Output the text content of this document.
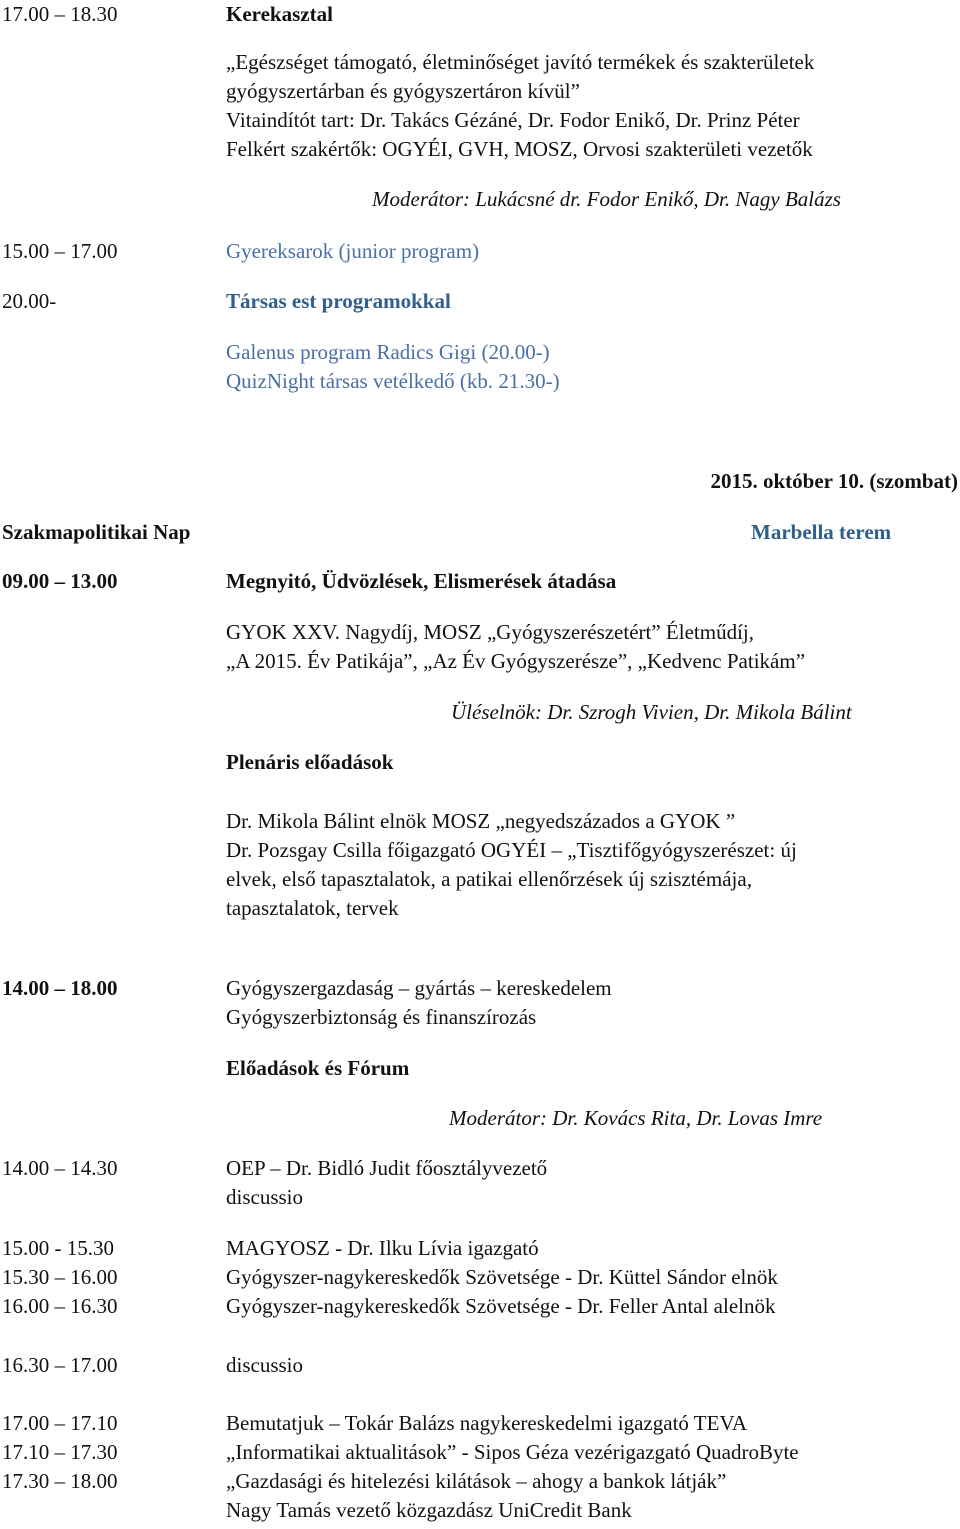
17.00 – 18.30	Kerekasztal
„Egészséget támogató, életminőséget javító termékek és szakterületek
gyógyszertárban és gyógyszertáron kívül”
Vitaindítót tart: Dr. Takács Gézáné, Dr. Fodor Enikő, Dr. Prinz Péter
Felkért szakértők: OGYÉI, GVH, MOSZ, Orvosi szakterületi vezetők
Moderátor: Lukácsné dr. Fodor Enikő, Dr. Nagy Balázs
15.00 – 17.00	Gyereksarok (junior program)
20.00-	Társas est programokkal
Galenus program Radics Gigi (20.00-)
QuizNight társas vetélkedő (kb. 21.30-)
2015. október 10. (szombat)
Szakmapolitikai Nap	Marbella terem
09.00 – 13.00	Megnyitó, Üdvözlések, Elismerések átadása
GYOK XXV. Nagydíj, MOSZ „Gyógyszerészetért” Életműdíj,
„A 2015. Év Patikája”, „Az Év Gyógyszerésze”, „Kedvenc Patikám”
Üléselnök: Dr. Szrogh Vivien, Dr. Mikola Bálint
Plenáris előadások
Dr. Mikola Bálint elnök MOSZ „negyedszázados a GYOK ”
Dr. Pozsgay Csilla főigazgató OGYÉI – „Tisztifőgyógyszerészet: új
elvek, első tapasztalatok, a patikai ellenőrzések új szisztémája,
tapasztalatok, tervek
14.00 – 18.00	Gyógyszergazdaság – gyártás – kereskedelem
Gyógyszerbiztonság és finanszírozás
Előadások és Fórum
Moderátor: Dr. Kovács Rita, Dr. Lovas Imre
14.00 – 14.30	OEP – Dr. Bidló Judit főosztályvezető
discussio
15.00 - 15.30	MAGYOSZ - Dr. Ilku Lívia igazgató
15.30 – 16.00	Gyógyszer-nagykereskedők Szövetsége - Dr. Küttel Sándor elnök
16.00 – 16.30	Gyógyszer-nagykereskedők Szövetsége - Dr. Feller Antal alelnök
16.30 – 17.00	discussio
17.00 – 17.10	Bemutatjuk – Tokár Balázs nagykereskedelmi igazgató TEVA
17.10 – 17.30	„Informatikai aktualitások” - Sipos Géza vezérigazgató QuadroByte
17.30 – 18.00	„Gazdasági és hitelezési kilátások – ahogy a bankok látják”
Nagy Tamás vezető közgazdász UniCredit Bank
